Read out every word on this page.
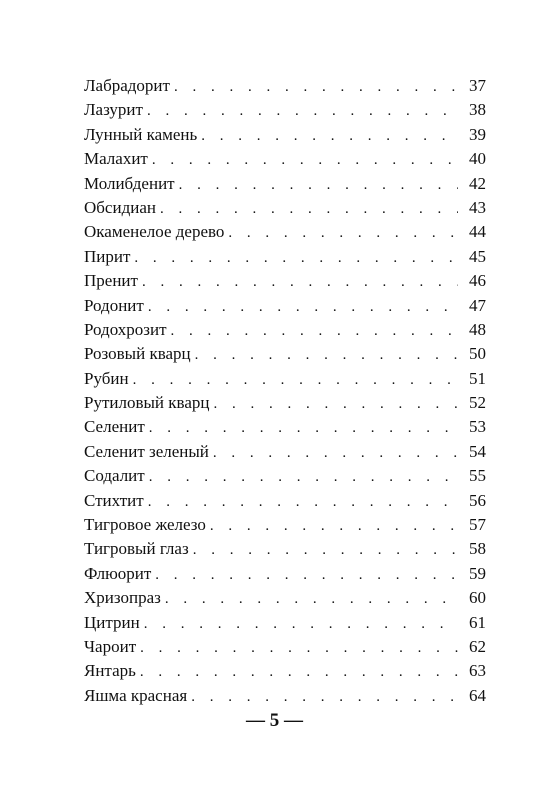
Лабрадорит . . .	37
Лазурит . . .	38
Лунный камень . . .	39
Малахит . . .	40
Молибденит . . .	42
Обсидиан . . .	43
Окаменелое дерево . . .	44
Пирит . . .	45
Пренит . . .	46
Родонит . . .	47
Родохрозит . . .	48
Розовый кварц . . .	50
Рубин . . .	51
Рутиловый кварц . . .	52
Селенит . . .	53
Селенит зеленый . . .	54
Содалит . . .	55
Стихтит . . .	56
Тигровое железо . . .	57
Тигровый глаз . . .	58
Флюорит . . .	59
Хризопраз . . .	60
Цитрин . . .	61
Чароит . . .	62
Янтарь . . .	63
Яшма красная . . .	64
— 5 —
